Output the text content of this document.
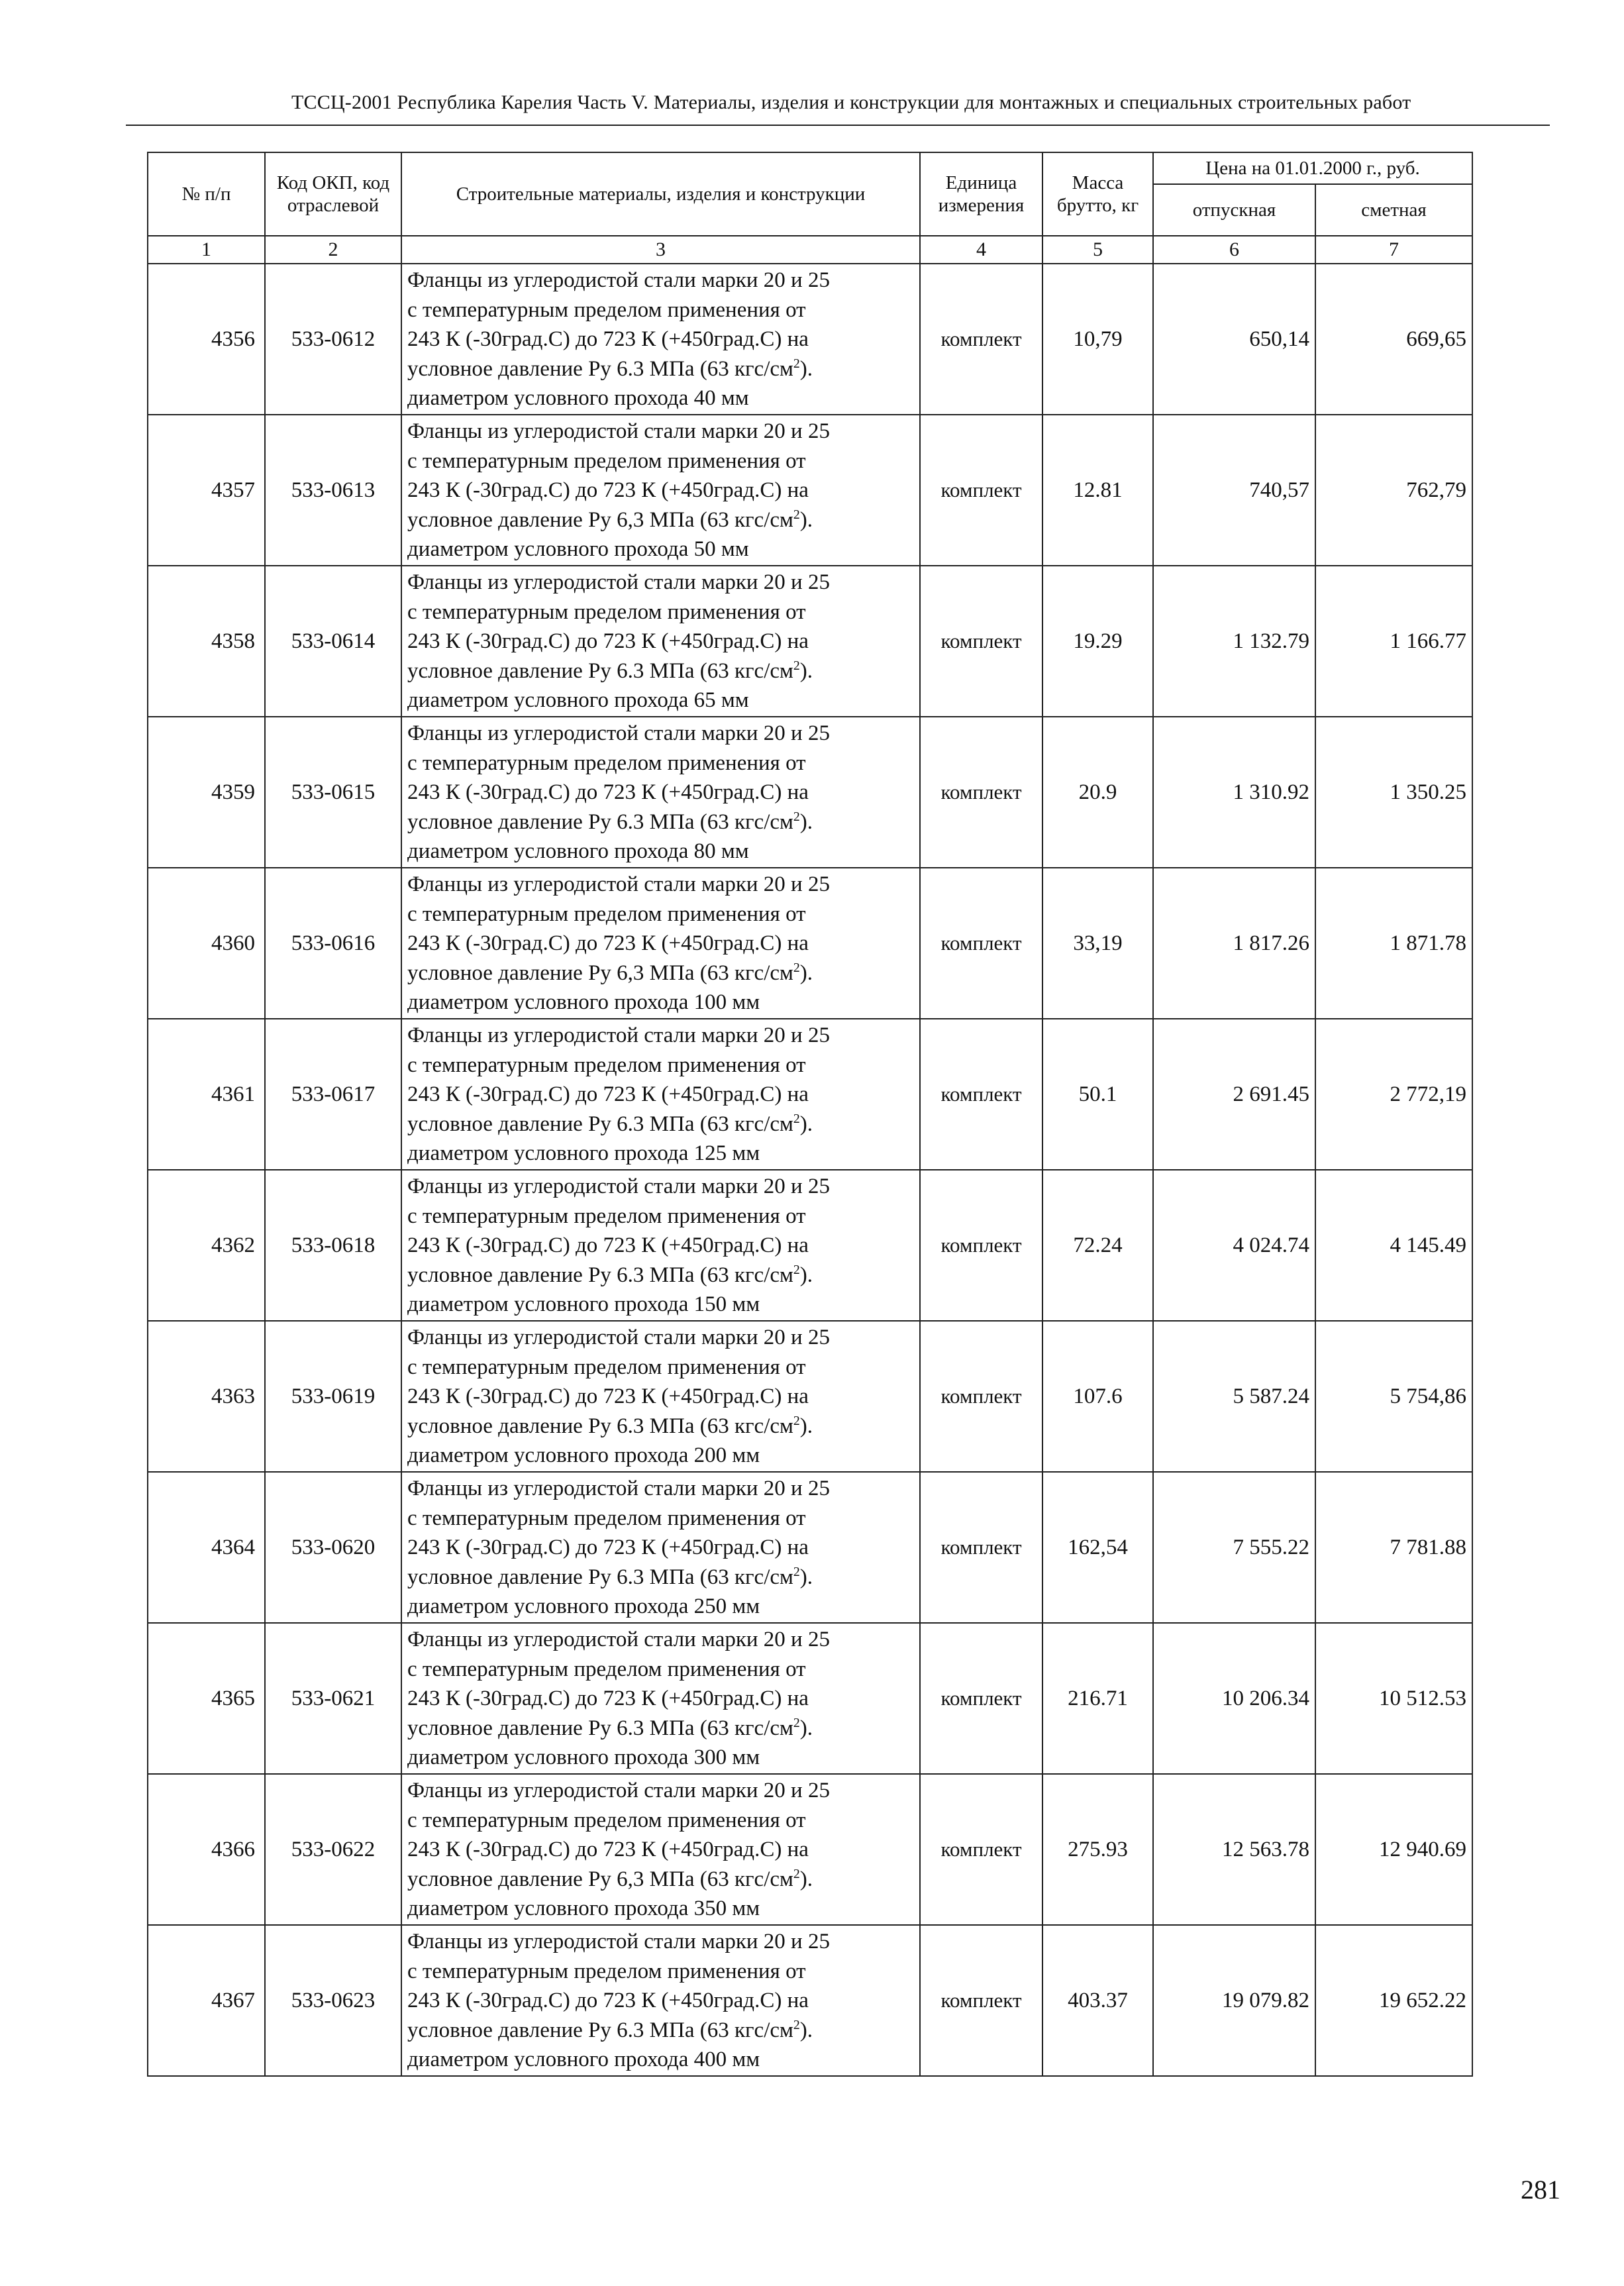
ТССЦ-2001 Республика Карелия Часть V. Материалы, изделия и конструкции для монтажных и специальных строительных работ
№ п/п	Код ОКП, код отраслевой	Строительные материалы, изделия и конструкции	Единица измерения	Масса брутто, кг	Цена на 01.01.2000 г., руб.	
					отпускная	сметная
1	2	3	4	5	6	7
4356	533-0612	Фланцы из углеродистой стали марки 20 и 25
с температурным пределом применения от
243 К (-30град.С) до 723 К (+450град.С) на
условное давление Ру 6.3 МПа (63 кгс/$см^2$).
диаметром условного прохода 40 мм	комплект	10,79	650,14	669,65
4357	533-0613	Фланцы из углеродистой стали марки 20 и 25
с температурным пределом применения от
243 К (-30град.С) до 723 К (+450град.С) на
условное давление Ру 6,3 МПа (63 кгс/$см^2$).
диаметром условного прохода 50 мм	комплект	12.81	740,57	762,79
4358	533-0614	Фланцы из углеродистой стали марки 20 и 25
с температурным пределом применения от
243 К (-30град.С) до 723 К (+450град.С) на
условное давление Ру 6.3 МПа (63 кгс/$см^2$).
диаметром условного прохода 65 мм	комплект	19.29	1 132.79	1 166.77
4359	533-0615	Фланцы из углеродистой стали марки 20 и 25
с температурным пределом применения от
243 К (-30град.С) до 723 К (+450град.С) на
условное давление Ру 6.3 МПа (63 кгс/$см^2$).
диаметром условного прохода 80 мм	комплект	20.9	1 310.92	1 350.25
4360	533-0616	Фланцы из углеродистой стали марки 20 и 25
с температурным пределом применения от
243 К (-30град.С) до 723 К (+450град.С) на
условное давление Ру 6,3 МПа (63 кгс/$см^2$).
диаметром условного прохода 100 мм	комплект	33,19	1 817.26	1 871.78
4361	533-0617	Фланцы из углеродистой стали марки 20 и 25
с температурным пределом применения от
243 К (-30град.С) до 723 К (+450град.С) на
условное давление Ру 6.3 МПа (63 кгс/$см^2$).
диаметром условного прохода 125 мм	комплект	50.1	2 691.45	2 772,19
4362	533-0618	Фланцы из углеродистой стали марки 20 и 25
с температурным пределом применения от
243 К (-30град.С) до 723 К (+450град.С) на
условное давление Ру 6.3 МПа (63 кгс/$см^2$).
диаметром условного прохода 150 мм	комплект	72.24	4 024.74	4 145.49
4363	533-0619	Фланцы из углеродистой стали марки 20 и 25
с температурным пределом применения от
243 К (-30град.С) до 723 К (+450град.С) на
условное давление Ру 6.3 МПа (63 кгс/$см^2$).
диаметром условного прохода 200 мм	комплект	107.6	5 587.24	5 754,86
4364	533-0620	Фланцы из углеродистой стали марки 20 и 25
с температурным пределом применения от
243 К (-30град.С) до 723 К (+450град.С) на
условное давление Ру 6.3 МПа (63 кгс/$см^2$).
диаметром условного прохода 250 мм	комплект	162,54	7 555.22	7 781.88
4365	533-0621	Фланцы из углеродистой стали марки 20 и 25
с температурным пределом применения от
243 К (-30град.С) до 723 К (+450град.С) на
условное давление Ру 6.3 МПа (63 кгс/$см^2$).
диаметром условного прохода 300 мм	комплект	216.71	10 206.34	10 512.53
4366	533-0622	Фланцы из углеродистой стали марки 20 и 25
с температурным пределом применения от
243 К (-30град.С) до 723 К (+450град.С) на
условное давление Ру 6,3 МПа (63 кгс/$см^2$).
диаметром условного прохода 350 мм	комплект	275.93	12 563.78	12 940.69
4367	533-0623	Фланцы из углеродистой стали марки 20 и 25
с температурным пределом применения от
243 К (-30град.С) до 723 К (+450град.С) на
условное давление Ру 6.3 МПа (63 кгс/$см^2$).
диаметром условного прохода 400 мм	комплект	403.37	19 079.82	19 652.22
281
